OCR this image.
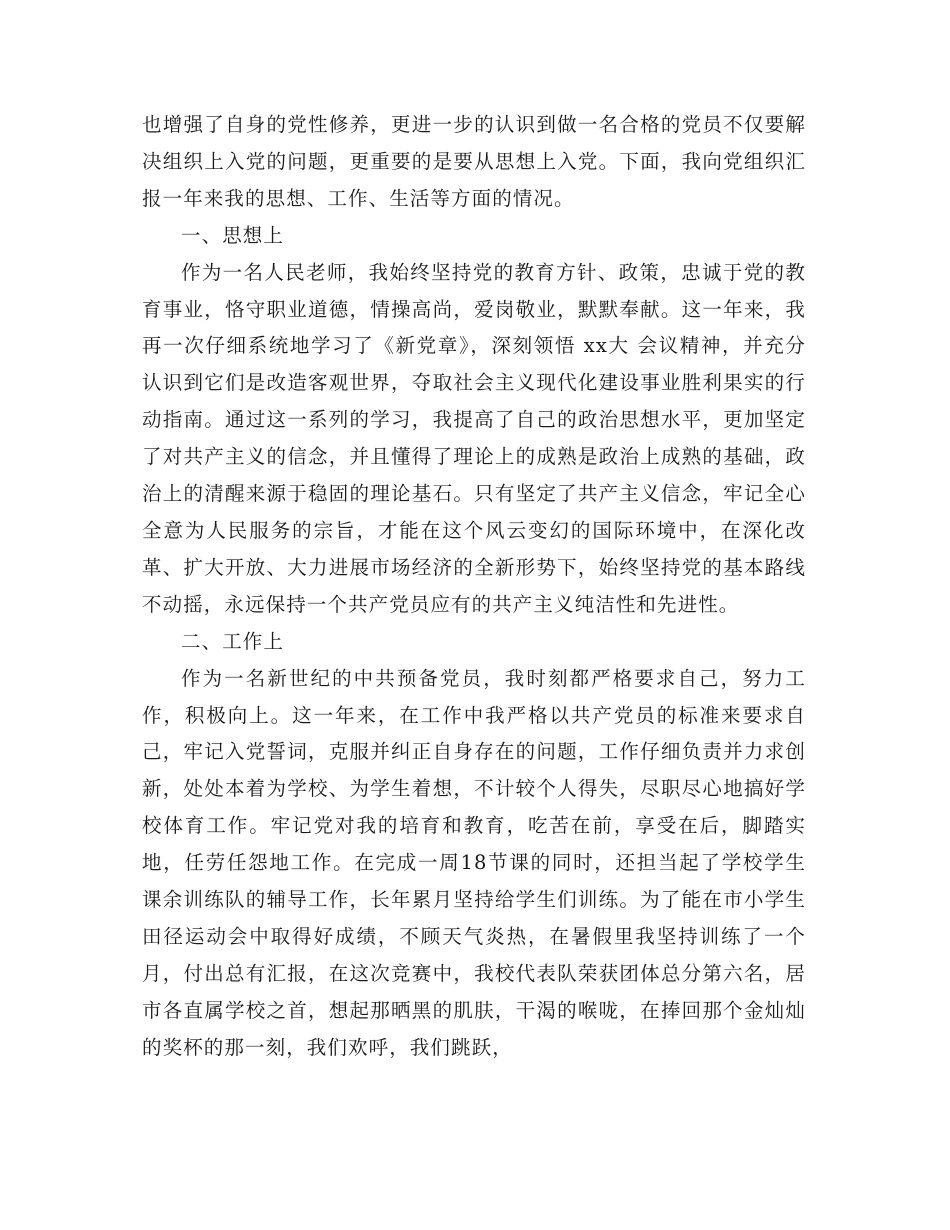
也增强了自身的党性修养，更进一步的认识到做一名合格的党员不仅要解决组织上入党的问题，更重要的是要从思想上入党。下面，我向党组织汇报一年来我的思想、工作、生活等方面的情况。

一、思想上

作为一名人民老师，我始终坚持党的教育方针、政策，忠诚于党的教育事业，恪守职业道德，情操高尚，爱岗敬业，默默奉献。这一年来，我再一次仔细系统地学习了《新党章》，深刻领悟 xx大 会议精神，并充分认识到它们是改造客观世界，夺取社会主义现代化建设事业胜利果实的行动指南。通过这一系列的学习，我提高了自己的政治思想水平，更加坚定了对共产主义的信念，并且懂得了理论上的成熟是政治上成熟的基础，政治上的清醒来源于稳固的理论基石。只有坚定了共产主义信念，牢记全心全意为人民服务的宗旨，才能在这个风云变幻的国际环境中，在深化改革、扩大开放、大力进展市场经济的全新形势下，始终坚持党的基本路线不动摇，永远保持一个共产党员应有的共产主义纯洁性和先进性。

二、工作上

作为一名新世纪的中共预备党员，我时刻都严格要求自己，努力工作，积极向上。这一年来，在工作中我严格以共产党员的标准来要求自己，牢记入党誓词，克服并纠正自身存在的问题，工作仔细负责并力求创新，处处本着为学校、为学生着想，不计较个人得失，尽职尽心地搞好学校体育工作。牢记党对我的培育和教育，吃苦在前，享受在后，脚踏实地，任劳任怨地工作。在完成一周18节课的同时，还担当起了学校学生课余训练队的辅导工作，长年累月坚持给学生们训练。为了能在市小学生田径运动会中取得好成绩，不顾天气炎热，在暑假里我坚持训练了一个月，付出总有汇报，在这次竞赛中，我校代表队荣获团体总分第六名，居市各直属学校之首，想起那晒黑的肌肤，干渴的喉咙，在捧回那个金灿灿的奖杯的那一刻，我们欢呼，我们跳跃，
